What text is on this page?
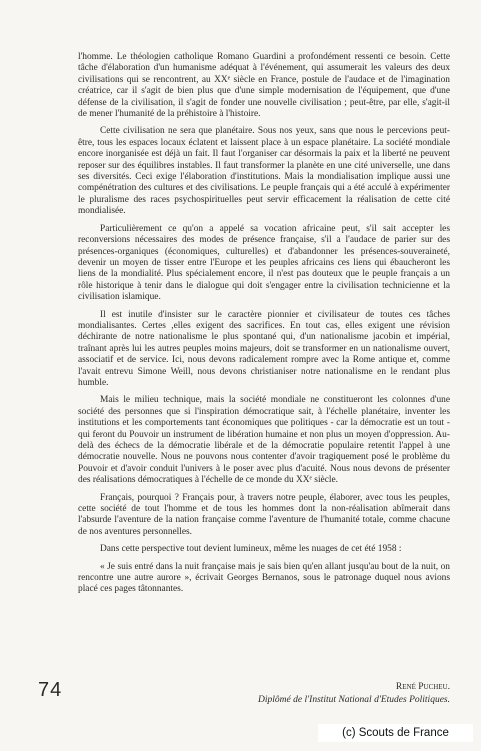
l'homme. Le théologien catholique Romano Guardini a profondément ressenti ce besoin. Cette tâche d'élaboration d'un humanisme adéquat à l'événement, qui assumerait les valeurs des deux civilisations qui se rencontrent, au XXᵉ siècle en France, postule de l'audace et de l'imagination créatrice, car il s'agit de bien plus que d'une simple modernisation de l'équipement, que d'une défense de la civilisation, il s'agit de fonder une nouvelle civilisation ; peut-être, par elle, s'agit-il de mener l'humanité de la préhistoire à l'histoire.

Cette civilisation ne sera que planétaire. Sous nos yeux, sans que nous le percevions peut-être, tous les espaces locaux éclatent et laissent place à un espace planétaire. La société mondiale encore inorganisée est déjà un fait. Il faut l'organiser car désormais la paix et la liberté ne peuvent reposer sur des équilibres instables. Il faut transformer la planète en une cité universelle, une dans ses diversités. Ceci exige l'élaboration d'institutions. Mais la mondialisation implique aussi une compénétration des cultures et des civilisations. Le peuple français qui a été acculé à expérimenter le pluralisme des races psychospirituelles peut servir efficacement la réalisation de cette cité mondialisée.

Particulièrement ce qu'on a appelé sa vocation africaine peut, s'il sait accepter les reconversions nécessaires des modes de présence française, s'il a l'audace de parier sur des présences-organiques (économiques, culturelles) et d'abandonner les présences-souveraineté, devenir un moyen de tisser entre l'Europe et les peuples africains ces liens qui ébaucheront les liens de la mondialité. Plus spécialement encore, il n'est pas douteux que le peuple français a un rôle historique à tenir dans le dialogue qui doit s'engager entre la civilisation technicienne et la civilisation islamique.

Il est inutile d'insister sur le caractère pionnier et civilisateur de toutes ces tâches mondialisantes. Certes ,elles exigent des sacrifices. En tout cas, elles exigent une révision déchirante de notre nationalisme le plus spontané qui, d'un nationalisme jacobin et impérial, traînant après lui les autres peuples moins majeurs, doit se transformer en un nationalisme ouvert, associatif et de service. Ici, nous devons radicalement rompre avec la Rome antique et, comme l'avait entrevu Simone Weill, nous devons christianiser notre nationalisme en le rendant plus humble.

Mais le milieu technique, mais la société mondiale ne constitueront les colonnes d'une société des personnes que si l'inspiration démocratique sait, à l'échelle planétaire, inventer les institutions et les comportements tant économiques que politiques - car la démocratie est un tout - qui feront du Pouvoir un instrument de libération humaine et non plus un moyen d'oppression. Au-delà des échecs de la démocratie libérale et de la démocratie populaire retentit l'appel à une démocratie nouvelle. Nous ne pouvons nous contenter d'avoir tragiquement posé le problème du Pouvoir et d'avoir conduit l'univers à le poser avec plus d'acuité. Nous nous devons de présenter des réalisations démocratiques à l'échelle de ce monde du XXᵉ siècle.

Français, pourquoi ? Français pour, à travers notre peuple, élaborer, avec tous les peuples, cette société de tout l'homme et de tous les hommes dont la non-réalisation abîmerait dans l'absurde l'aventure de la nation française comme l'aventure de l'humanité totale, comme chacune de nos aventures personnelles.

Dans cette perspective tout devient lumineux, même les nuages de cet été 1958 :

« Je suis entré dans la nuit française mais je sais bien qu'en allant jusqu'au bout de la nuit, on rencontre une autre aurore », écrivait Georges Bernanos, sous le patronage duquel nous avions placé ces pages tâtonnantes.

74	René Pucheu.
Diplômé de l'Institut National d'Etudes Politiques.
(c) Scouts de France
